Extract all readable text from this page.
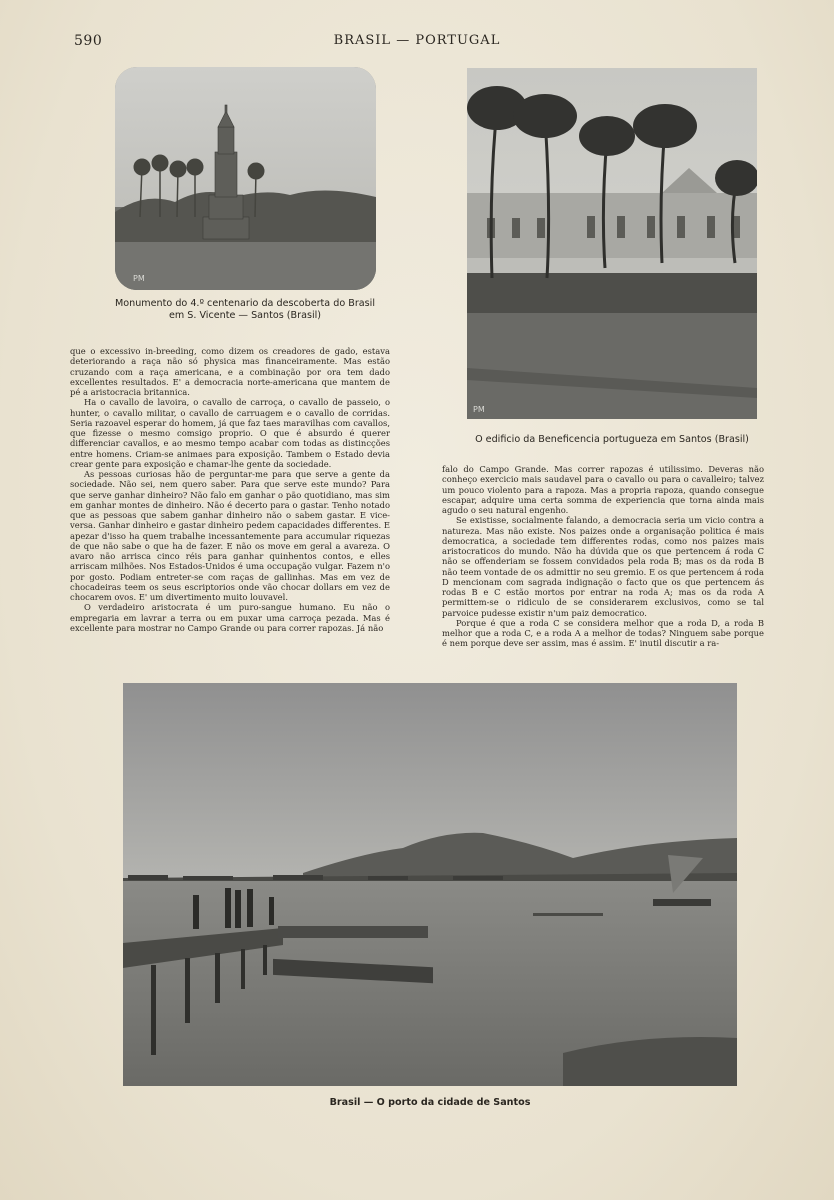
590	BRASIL — PORTUGAL
PM
Monumento do 4.º centenario da descoberta do Brasil
em S. Vicente — Santos (Brasil)
PM
O edificio da Beneficencia portugueza em Santos (Brasil)

que o excessivo in-breeding, como dizem os creadores de gado, estava deteriorando a raça não só physica mas financeiramente. Mas estão cruzando com a raça americana, e a combinação por ora tem dado excellentes resultados. E' a democracia norte-americana que mantem de pé a aristocracia britannica.

Ha o cavallo de lavoira, o cavallo de carroça, o cavallo de passeio, o hunter, o cavallo militar, o cavallo de carruagem e o cavallo de corridas. Seria razoavel esperar do homem, já que faz taes maravilhas com cavallos, que fizesse o mesmo comsigo proprio. O que é absurdo é querer differenciar cavallos, e ao mesmo tempo acabar com todas as distincções entre homens. Criam-se animaes para exposição. Tambem o Estado devia crear gente para exposição e chamar-lhe gente da sociedade.

As pessoas curiosas hão de perguntar-me para que serve a gente da sociedade. Não sei, nem quero saber. Para que serve este mundo? Para que serve ganhar dinheiro? Não falo em ganhar o pão quotidiano, mas sim em ganhar montes de dinheiro. Não é decerto para o gastar. Tenho notado que as pessoas que sabem ganhar dinheiro não o sabem gastar. E vice-versa. Ganhar dinheiro e gastar dinheiro pedem capacidades differentes. E apezar d'isso ha quem trabalhe incessantemente para accumular riquezas de que não sabe o que ha de fazer. E não os move em geral a avareza. O avaro não arrisca cinco réis para ganhar quinhentos contos, e elles arriscam milhões. Nos Estados-Unidos é uma occupação vulgar. Fazem n'o por gosto. Podiam entreter-se com raças de gallinhas. Mas em vez de chocadeiras teem os seus escriptorios onde vão chocar dollars em vez de chocarem ovos. E' um divertimento muito louvavel.

O verdadeiro aristocrata é um puro-sangue humano. Eu não o empregaria em lavrar a terra ou em puxar uma carroça pezada. Mas é excellente para mostrar no Campo Grande ou para correr rapozas. Já não

falo do Campo Grande. Mas correr rapozas é utilissimo. Deveras não conheço exercicio mais saudavel para o cavallo ou para o cavalleiro; talvez um pouco violento para a rapoza. Mas a propria rapoza, quando consegue escapar, adquire uma certa somma de experiencia que torna ainda mais agudo o seu natural engenho.

Se existisse, socialmente falando, a democracia seria um vicio contra a natureza. Mas não existe. Nos paizes onde a organisação politica é mais democratica, a sociedade tem differentes rodas, como nos paizes mais aristocraticos do mundo. Não ha dúvida que os que pertencem á roda C não se offenderiam se fossem convidados pela roda B; mas os da roda B não teem vontade de os admittir no seu gremio. E os que pertencem á roda D mencionam com sagrada indignação o facto que os que pertencem ás rodas B e C estão mortos por entrar na roda A; mas os da roda A permittem-se o ridiculo de se considerarem exclusivos, como se tal parvoice pudesse existir n'um paiz democratico.

Porque é que a roda C se considera melhor que a roda D, a roda B melhor que a roda C, e a roda A a melhor de todas? Ninguem sabe porque é nem porque deve ser assim, mas é assim. E' inutil discutir a ra-

Brasil — O porto da cidade de Santos
